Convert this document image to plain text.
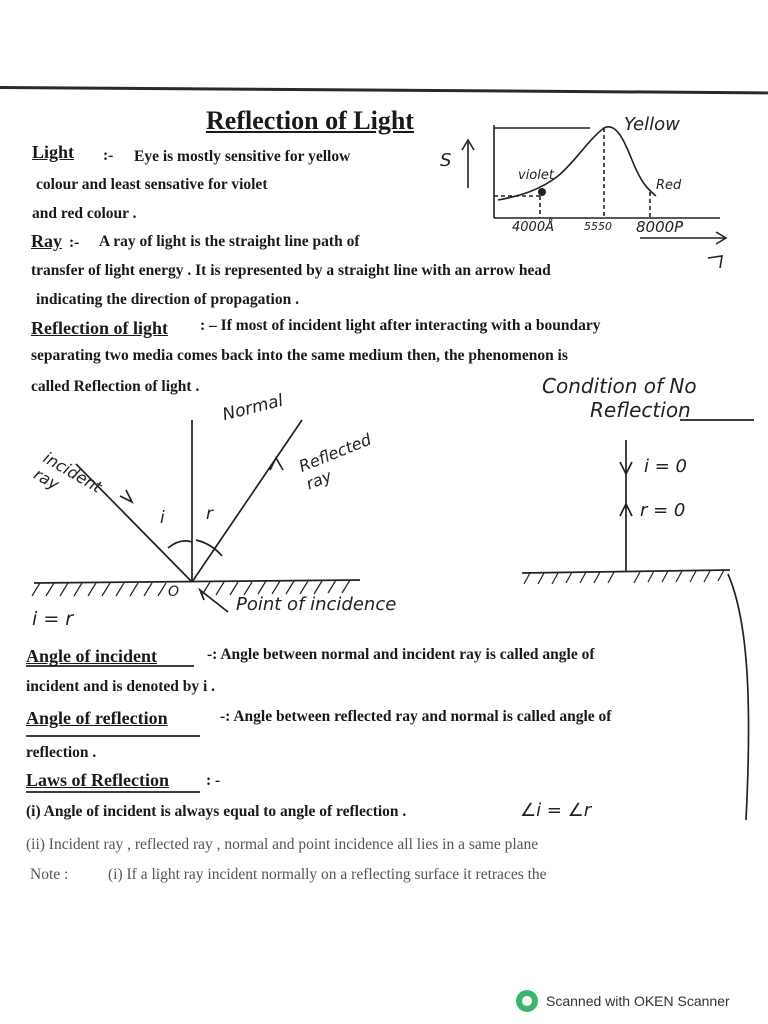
Reflection of Light
Light :- Eye is mostly sensitive for yellow
colour and least sensative for violet
and red colour .
S
Yellow
violet
Red
4000Å	5550 8000P
Ray :- A ray of light is the straight line path of
transfer of light energy . It is represented by a straight line with an arrow head
indicating the direction of propagation .
Reflection of light : – If most of incident light after interacting with a boundary
separating two media comes back into the same medium then, the phenomenon is
called Reflection of light .
Normal
Reflected ray
incident ray
i r
O
Point of incidence
i = r
Condition of No
Reflection
i = 0
r = 0
Angle of incident	-: Angle between normal and incident ray is called angle of
incident and is denoted by i .
Angle of reflection	-: Angle between reflected ray and normal is called angle of
reflection .
Laws of Reflection : -
(i) Angle of incident is always equal to angle of reflection .	∠i = ∠r
(ii) Incident ray , reflected ray , normal and point incidence all lies in a same plane
Note :	(i) If a light ray incident normally on a reflecting surface it retraces the
Scanned with OKEN Scanner
